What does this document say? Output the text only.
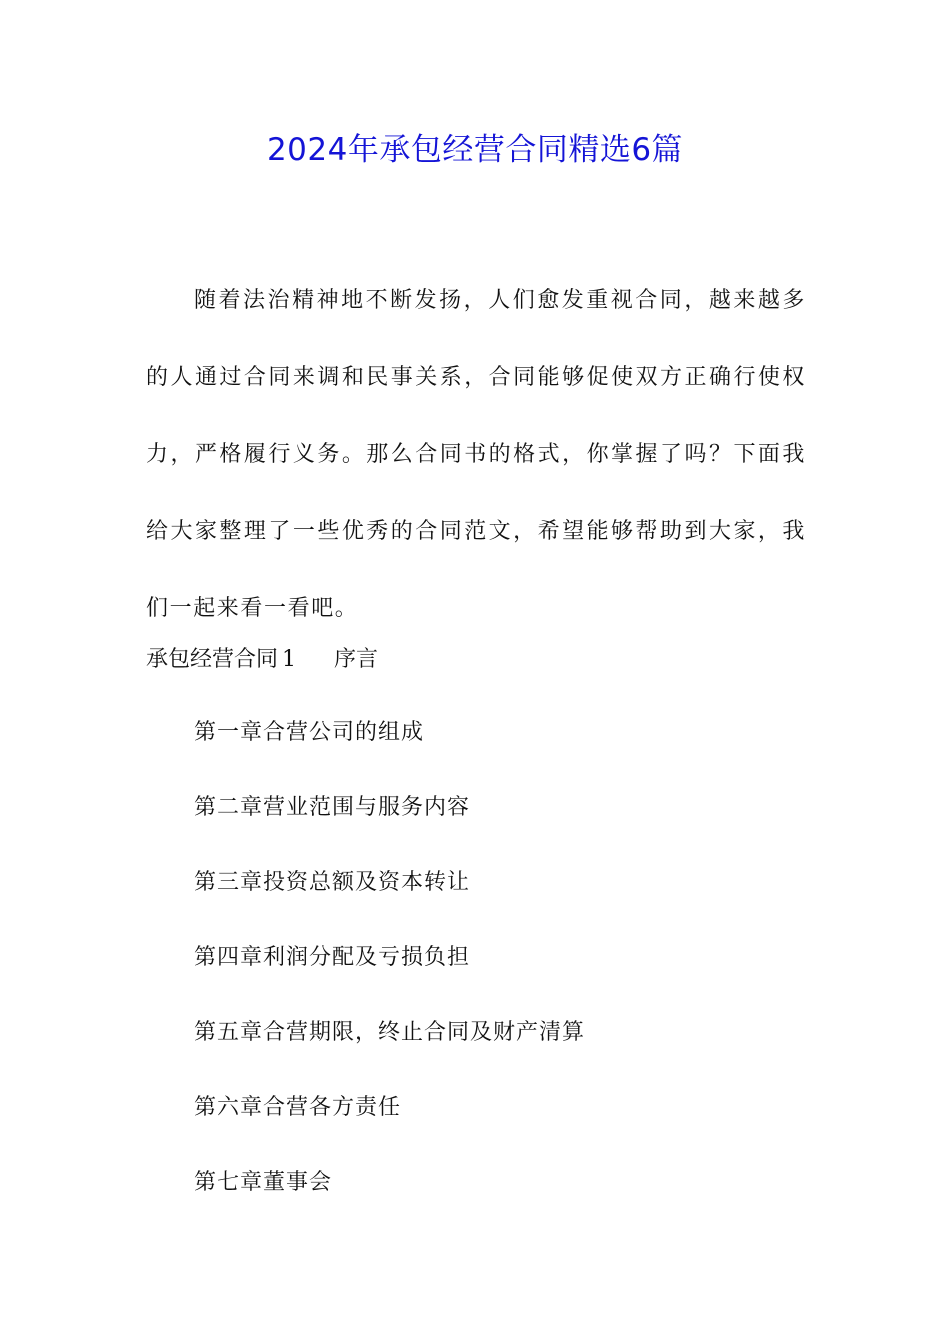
2024年承包经营合同精选6篇
随着法治精神地不断发扬，人们愈发重视合同，越来越多的人通过合同来调和民事关系，合同能够促使双方正确行使权力，严格履行义务。那么合同书的格式，你掌握了吗？下面我给大家整理了一些优秀的合同范文，希望能够帮助到大家，我们一起来看一看吧。
承包经营合同 1 序言
第一章合营公司的组成
第二章营业范围与服务内容
第三章投资总额及资本转让
第四章利润分配及亏损负担
第五章合营期限，终止合同及财产清算
第六章合营各方责任
第七章董事会
